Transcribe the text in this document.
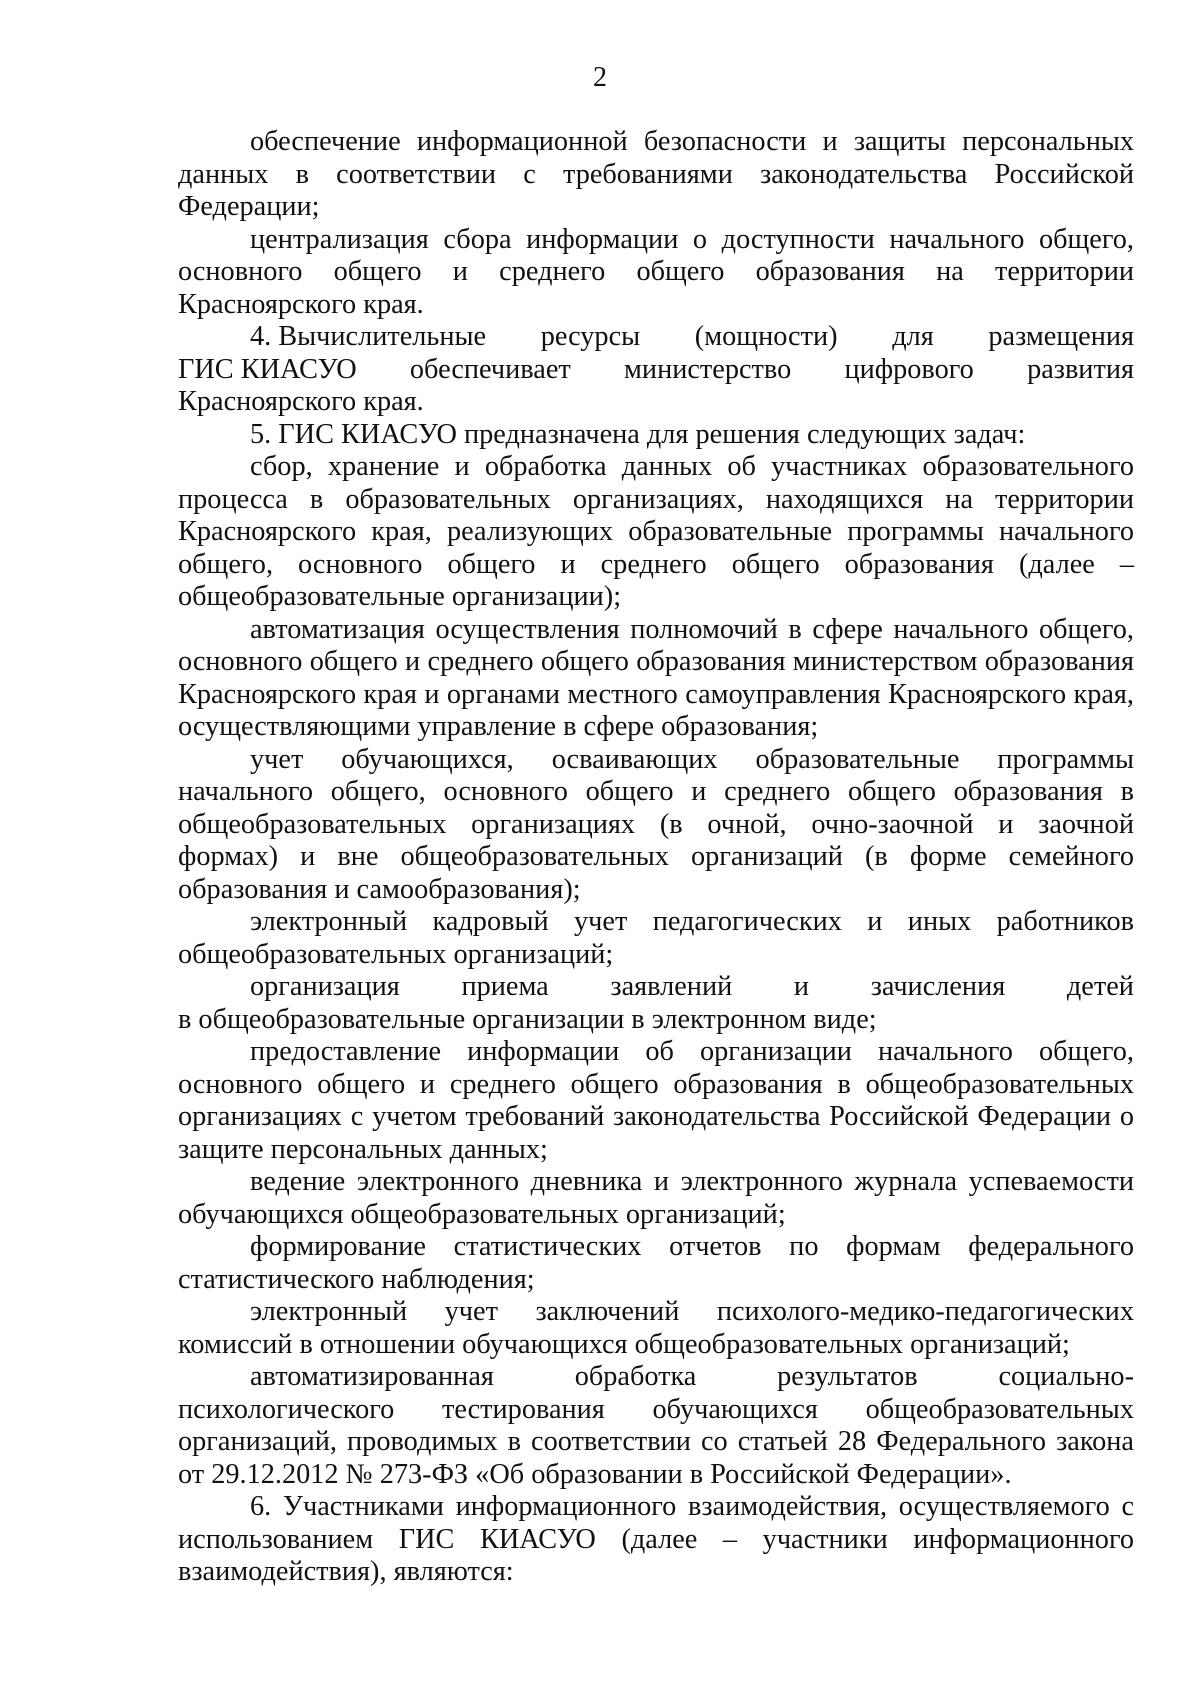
2

обеспечение информационной безопасности и защиты персональных данных в соответствии с требованиями законодательства Российской Федерации;

централизация сбора информации о доступности начального общего, основного общего и среднего общего образования на территории Красноярского края.

4. Вычислительные ресурсы (мощности) для размещения
ГИС КИАСУО обеспечивает министерство цифрового развития

Красноярского края.

5. ГИС КИАСУО предназначена для решения следующих задач:

сбор, хранение и обработка данных об участниках образовательного процесса в образовательных организациях, находящихся на территории Красноярского края, реализующих образовательные программы начального общего, основного общего и среднего общего образования (далее – общеобразовательные организации);

автоматизация осуществления полномочий в сфере начального общего, основного общего и среднего общего образования министерством образования Красноярского края и органами местного самоуправления Красноярского края, осуществляющими управление в сфере образования;

учет обучающихся, осваивающих образовательные программы начального общего, основного общего и среднего общего образования в общеобразовательных организациях (в очной, очно-заочной и заочной формах) и вне общеобразовательных организаций (в форме семейного образования и самообразования);

электронный кадровый учет педагогических и иных работников общеобразовательных организаций;

организация приема заявлений и зачисления детей

в общеобразовательные организации в электронном виде;

предоставление информации об организации начального общего, основного общего и среднего общего образования в общеобразовательных организациях с учетом требований законодательства Российской Федерации о защите персональных данных;

ведение электронного дневника и электронного журнала успеваемости обучающихся общеобразовательных организаций;

формирование статистических отчетов по формам федерального статистического наблюдения;

электронный учет заключений психолого-медико-педагогических

комиссий в отношении обучающихся общеобразовательных организаций;

автоматизированная	обработка	результатов	социально-
психологического тестирования обучающихся общеобразовательных

организаций, проводимых в соответствии со статьей 28 Федерального закона от 29.12.2012 № 273-ФЗ «Об образовании в Российской Федерации».

6. Участниками информационного взаимодействия, осуществляемого с использованием ГИС КИАСУО (далее – участники информационного взаимодействия), являются:
